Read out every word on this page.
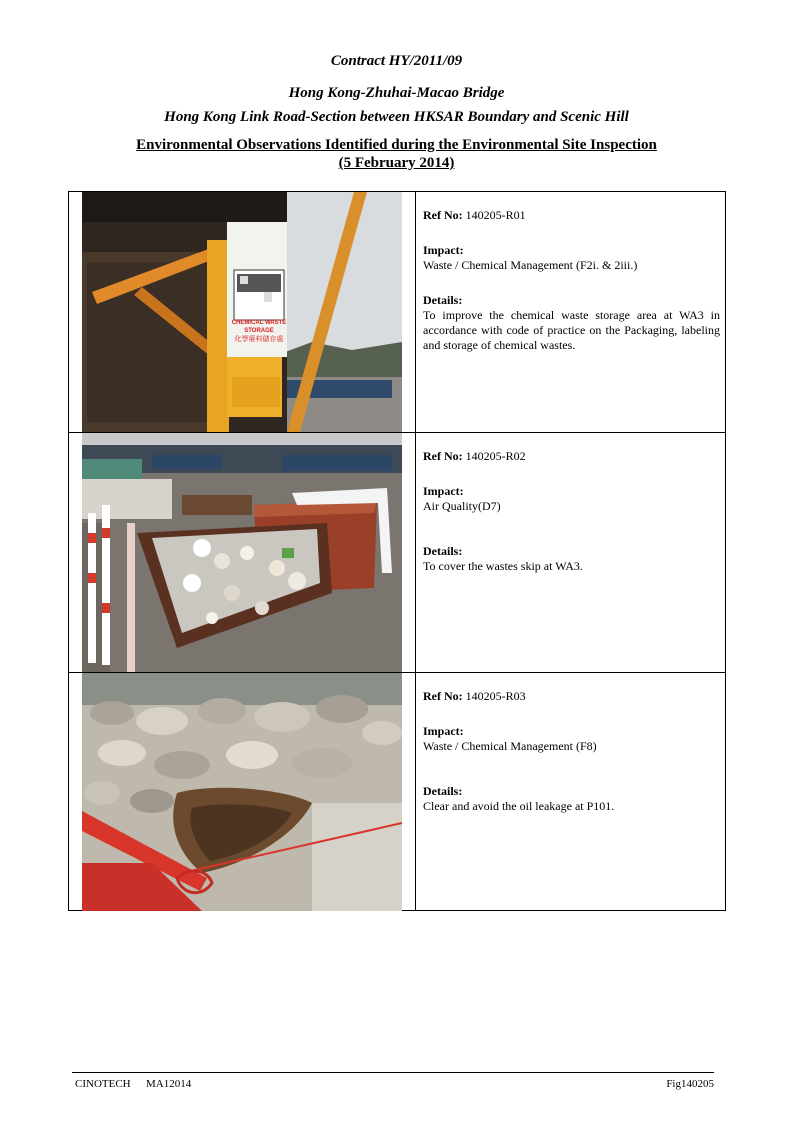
Contract HY/2011/09
Hong Kong-Zhuhai-Macao Bridge
Hong Kong Link Road-Section between HKSAR Boundary and Scenic Hill
Environmental Observations Identified during the Environmental Site Inspection
(5 February 2014)
CHEMICAL WASTE
STORAGE
化學廢料儲存處
Ref No: 140205-R01
Impact:
Waste / Chemical Management (F2i. & 2iii.)
Details:
To improve the chemical waste storage area at WA3 in accordance with code of practice on the Packaging, labeling and storage of chemical wastes.
Ref No: 140205-R02
Impact:
Air Quality(D7)
Details:
To cover the wastes skip at WA3.
Ref No: 140205-R03
Impact:
Waste / Chemical Management (F8)
Details:
Clear and avoid the oil leakage at P101.
CINOTECH MA12014	Fig140205
